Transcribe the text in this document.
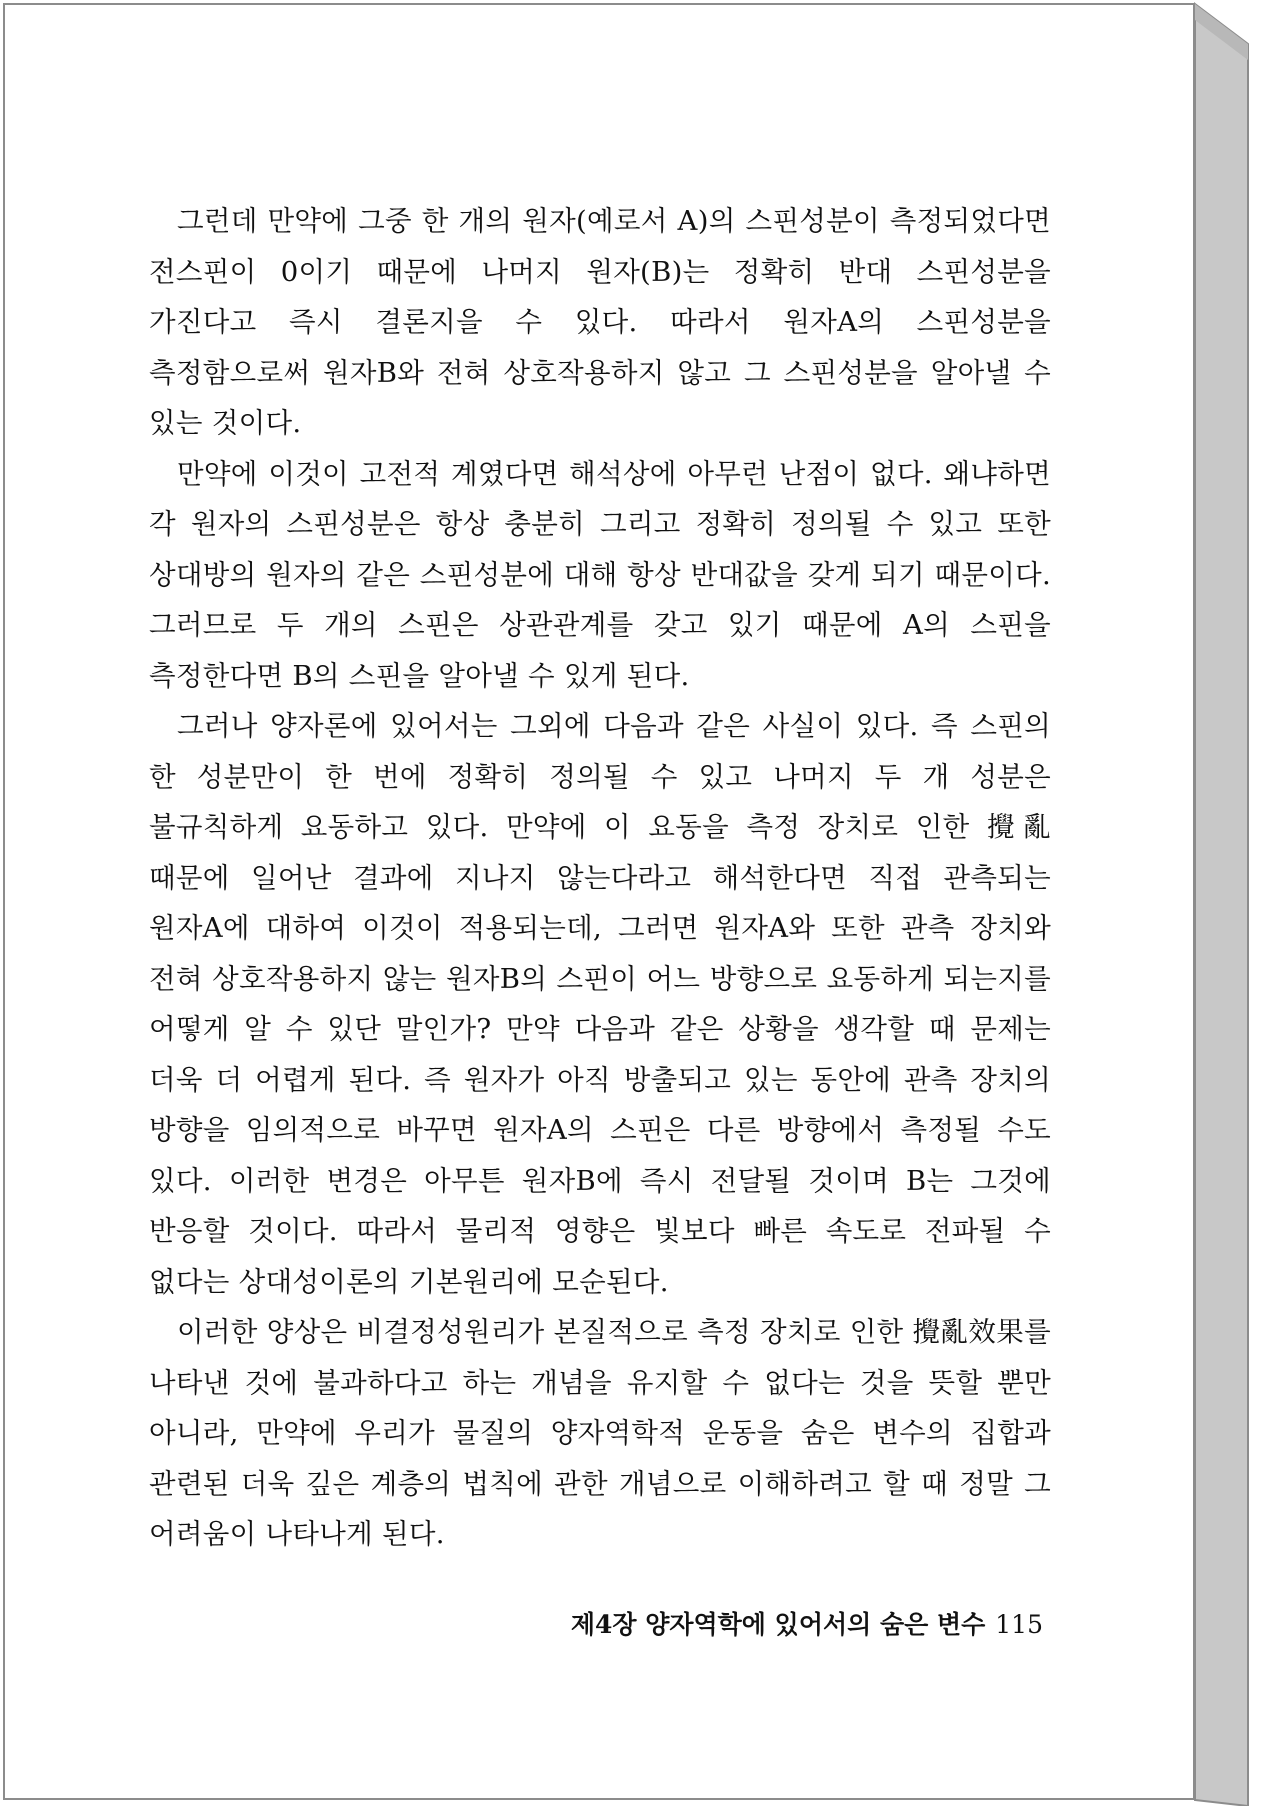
그런데 만약에 그중 한 개의 원자(예로서 A)의 스핀성분이 측정되었다면 전스핀이 0이기 때문에 나머지 원자(B)는 정확히 반대 스핀성분을 가진다고 즉시 결론지을 수 있다. 따라서 원자A의 스핀성분을 측정함으로써 원자B와 전혀 상호작용하지 않고 그 스핀성분을 알아낼 수 있는 것이다.

만약에 이것이 고전적 계였다면 해석상에 아무런 난점이 없다. 왜냐하면 각 원자의 스핀성분은 항상 충분히 그리고 정확히 정의될 수 있고 또한 상대방의 원자의 같은 스핀성분에 대해 항상 반대값을 갖게 되기 때문이다. 그러므로 두 개의 스핀은 상관관계를 갖고 있기 때문에 A의 스핀을 측정한다면 B의 스핀을 알아낼 수 있게 된다.

그러나 양자론에 있어서는 그외에 다음과 같은 사실이 있다. 즉 스핀의 한 성분만이 한 번에 정확히 정의될 수 있고 나머지 두 개 성분은 불규칙하게 요동하고 있다. 만약에 이 요동을 측정 장치로 인한 攪亂 때문에 일어난 결과에 지나지 않는다라고 해석한다면 직접 관측되는 원자A에 대하여 이것이 적용되는데, 그러면 원자A와 또한 관측 장치와 전혀 상호작용하지 않는 원자B의 스핀이 어느 방향으로 요동하게 되는지를 어떻게 알 수 있단 말인가? 만약 다음과 같은 상황을 생각할 때 문제는 더욱 더 어렵게 된다. 즉 원자가 아직 방출되고 있는 동안에 관측 장치의 방향을 임의적으로 바꾸면 원자A의 스핀은 다른 방향에서 측정될 수도 있다. 이러한 변경은 아무튼 원자B에 즉시 전달될 것이며 B는 그것에 반응할 것이다. 따라서 물리적 영향은 빛보다 빠른 속도로 전파될 수 없다는 상대성이론의 기본원리에 모순된다.

이러한 양상은 비결정성원리가 본질적으로 측정 장치로 인한 攪亂效果를 나타낸 것에 불과하다고 하는 개념을 유지할 수 없다는 것을 뜻할 뿐만 아니라, 만약에 우리가 물질의 양자역학적 운동을 숨은 변수의 집합과 관련된 더욱 깊은 계층의 법칙에 관한 개념으로 이해하려고 할 때 정말 그 어려움이 나타나게 된다.

제4장 양자역학에 있어서의 숨은 변수 115
